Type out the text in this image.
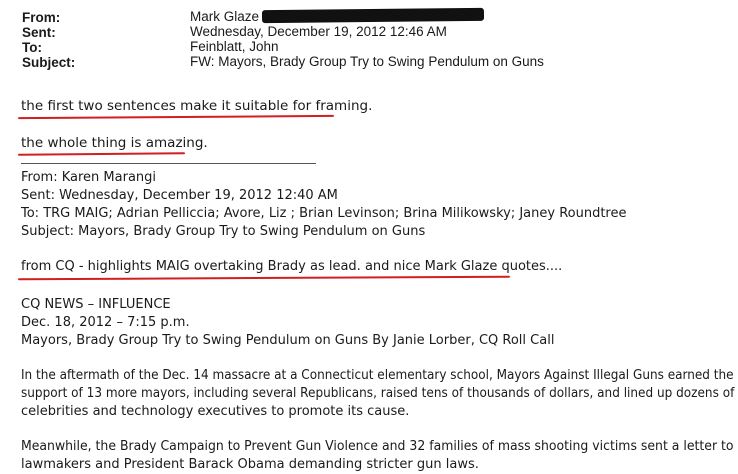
From:	Mark Glaze
Sent:	Wednesday, December 19, 2012 12:46 AM
To:	Feinblatt, John
Subject:	FW: Mayors, Brady Group Try to Swing Pendulum on Guns
the first two sentences make it suitable for framing.
the whole thing is amazing.
From: Karen Marangi
Sent: Wednesday, December 19, 2012 12:40 AM
To: TRG MAIG; Adrian Pelliccia; Avore, Liz ; Brian Levinson; Brina Milikowsky; Janey Roundtree
Subject: Mayors, Brady Group Try to Swing Pendulum on Guns
from CQ - highlights MAIG overtaking Brady as lead. and nice Mark Glaze quotes....
CQ NEWS – INFLUENCE
Dec. 18, 2012 – 7:15 p.m.
Mayors, Brady Group Try to Swing Pendulum on Guns By Janie Lorber, CQ Roll Call
In the aftermath of the Dec. 14 massacre at a Connecticut elementary school, Mayors Against Illegal Guns earned the
support of 13 more mayors, including several Republicans, raised tens of thousands of dollars, and lined up dozens of
celebrities and technology executives to promote its cause.
Meanwhile, the Brady Campaign to Prevent Gun Violence and 32 families of mass shooting victims sent a letter to
lawmakers and President Barack Obama demanding stricter gun laws.
